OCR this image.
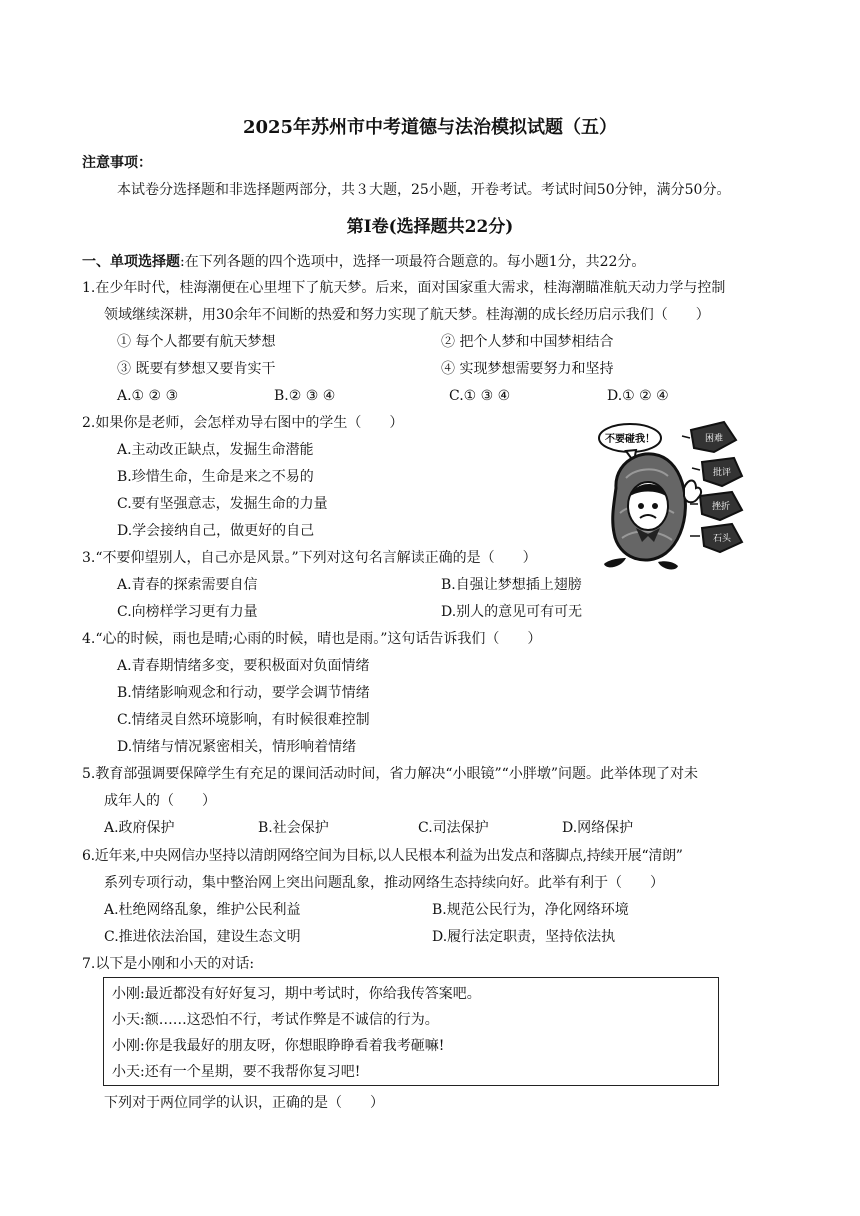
2025年苏州市中考道德与法治模拟试题（五）
注意事项：
本试卷分选择题和非选择题两部分，共３大题，25小题，开卷考试。考试时间50分钟，满分50分。
第Ⅰ卷(选择题共22分)
一、单项选择题:在下列各题的四个选项中，选择一项最符合题意的。每小题1分，共22分。
1.在少年时代，桂海潮便在心里埋下了航天梦。后来，面对国家重大需求，桂海潮瞄准航天动力学与控制
领域继续深耕，用30余年不间断的热爱和努力实现了航天梦。桂海潮的成长经历启示我们（　　）
① 每个人都要有航天梦想	② 把个人梦和中国梦相结合
③ 既要有梦想又要肯实干	④ 实现梦想需要努力和坚持
A.① ② ③	B.② ③ ④	C.① ③ ④	D.① ② ④
2.如果你是老师，会怎样劝导右图中的学生（　　）
A.主动改正缺点，发掘生命潜能
B.珍惜生命，生命是来之不易的
C.要有坚强意志，发掘生命的力量
D.学会接纳自己，做更好的自己
不要碰我！	困难
批评
挫折
石头
3.“不要仰望别人，自己亦是风景。”下列对这句名言解读正确的是（　　）
A.青春的探索需要自信	B.自强让梦想插上翅膀
C.向榜样学习更有力量	D.别人的意见可有可无
4.“心的时候，雨也是晴;心雨的时候，晴也是雨。”这句话告诉我们（　　）
A.青春期情绪多变，要积极面对负面情绪
B.情绪影响观念和行动，要学会调节情绪
C.情绪灵自然环境影响，有时候很难控制
D.情绪与情况紧密相关，情形响着情绪
5.教育部强调要保障学生有充足的课间活动时间，省力解决“小眼镜”“小胖墩”问题。此举体现了对未
成年人的（　　）
A.政府保护	B.社会保护	C.司法保护	D.网络保护
6.近年来,中央网信办坚持以清朗网络空间为目标,以人民根本利益为出发点和落脚点,持续开展“清朗”
系列专项行动，集中整治网上突出问题乱象，推动网络生态持续向好。此举有利于（　　）
A.杜绝网络乱象，维护公民利益	B.规范公民行为，净化网络环境
C.推进依法治国，建设生态文明	D.履行法定职责，坚持依法执
7.以下是小刚和小天的对话:
小刚:最近都没有好好复习，期中考试时，你给我传答案吧。
小天:额……这恐怕不行，考试作弊是不诚信的行为。
小刚:你是我最好的朋友呀，你想眼睁睁看着我考砸嘛!
小天:还有一个星期，要不我帮你复习吧!
下列对于两位同学的认识，正确的是（　　）
